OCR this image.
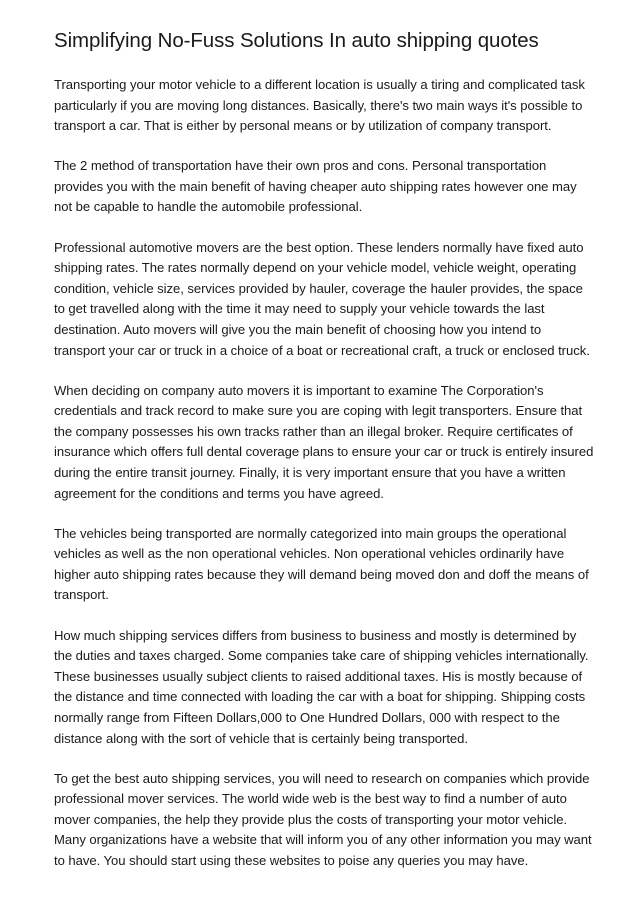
Simplifying No-Fuss Solutions In auto shipping quotes

Transporting your motor vehicle to a different location is usually a tiring and complicated task particularly if you are moving long distances. Basically, there's two main ways it's possible to transport a car. That is either by personal means or by utilization of company transport.

The 2 method of transportation have their own pros and cons. Personal transportation provides you with the main benefit of having cheaper auto shipping rates however one may not be capable to handle the automobile professional.

Professional automotive movers are the best option. These lenders normally have fixed auto shipping rates. The rates normally depend on your vehicle model, vehicle weight, operating condition, vehicle size, services provided by hauler, coverage the hauler provides, the space to get travelled along with the time it may need to supply your vehicle towards the last destination. Auto movers will give you the main benefit of choosing how you intend to transport your car or truck in a choice of a boat or recreational craft, a truck or enclosed truck.

When deciding on company auto movers it is important to examine The Corporation's credentials and track record to make sure you are coping with legit transporters. Ensure that the company possesses his own tracks rather than an illegal broker. Require certificates of insurance which offers full dental coverage plans to ensure your car or truck is entirely insured during the entire transit journey. Finally, it is very important ensure that you have a written agreement for the conditions and terms you have agreed.

The vehicles being transported are normally categorized into main groups the operational vehicles as well as the non operational vehicles. Non operational vehicles ordinarily have higher auto shipping rates because they will demand being moved don and doff the means of transport.

How much shipping services differs from business to business and mostly is determined by the duties and taxes charged. Some companies take care of shipping vehicles internationally. These businesses usually subject clients to raised additional taxes. His is mostly because of the distance and time connected with loading the car with a boat for shipping. Shipping costs normally range from Fifteen Dollars,000 to One Hundred Dollars, 000 with respect to the distance along with the sort of vehicle that is certainly being transported.

To get the best auto shipping services, you will need to research on companies which provide professional mover services. The world wide web is the best way to find a number of auto mover companies, the help they provide plus the costs of transporting your motor vehicle. Many organizations have a website that will inform you of any other information you may want to have. You should start using these websites to poise any queries you may have.
